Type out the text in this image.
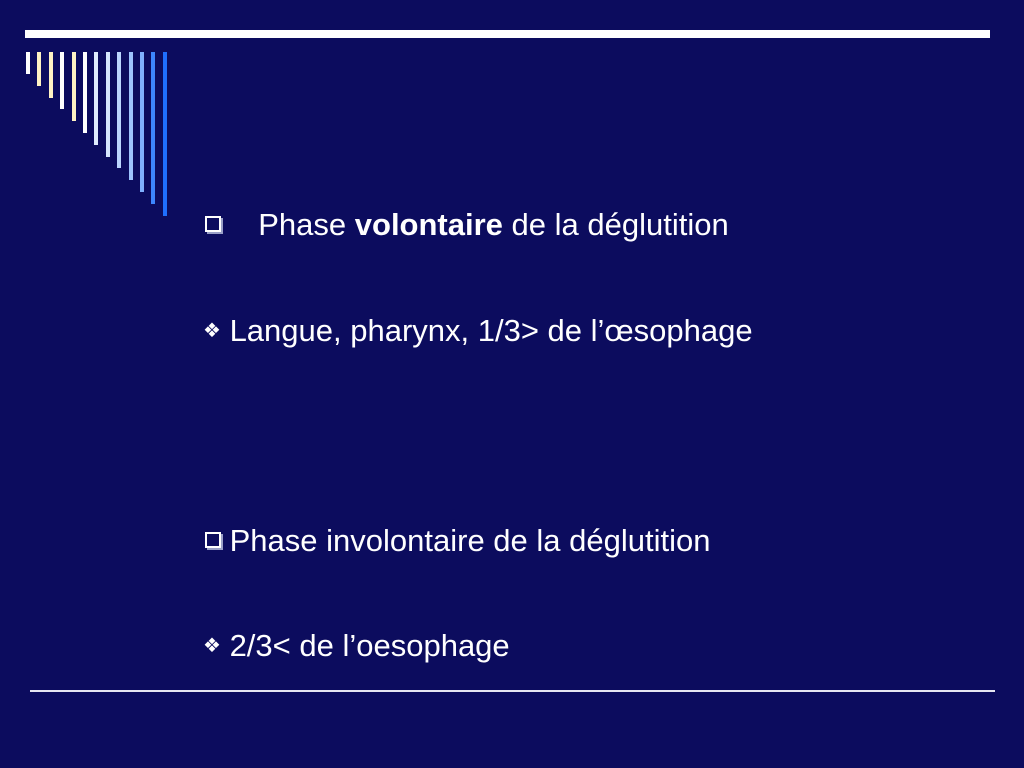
Phase volontaire de la déglutition
❖ Langue, pharynx, 1/3> de l’œsophage
Phase involontaire de la déglutition
❖ 2/3< de l’oesophage
